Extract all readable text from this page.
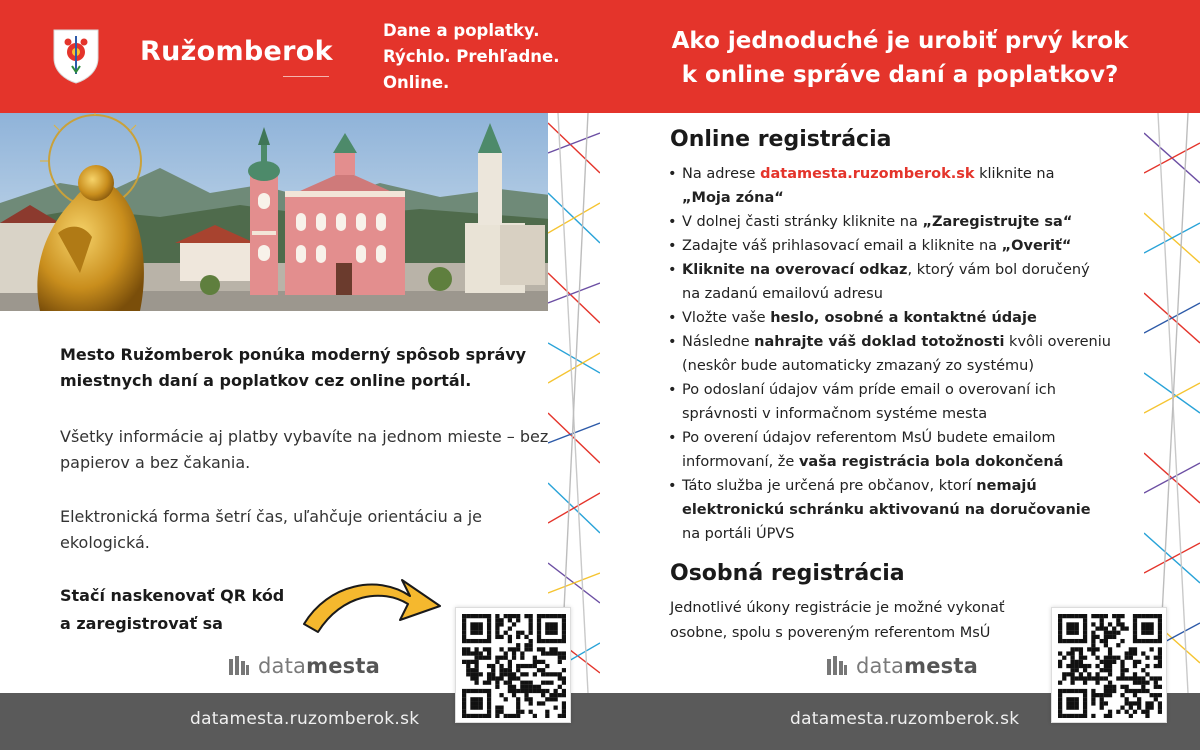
Ružomberok
Dane a poplatky.
Rýchlo. Prehľadne.
Online.
Ako jednoduché je urobiť prvý krok
k online správe daní a poplatkov?
Mesto Ružomberok ponúka moderný spôsob správy miestnych daní a poplatkov cez online portál.
Všetky informácie aj platby vybavíte na jednom mieste – bez papierov a bez čakania.
Elektronická forma šetrí čas, uľahčuje orientáciu a je ekologická.
Stačí naskenovať QR kód
a zaregistrovať sa
datamesta
Online registrácia
• Na adrese datamesta.ruzomberok.sk kliknite na
„Moja zóna“
• V dolnej časti stránky kliknite na „Zaregistrujte sa“
• Zadajte váš prihlasovací email a kliknite na „Overiť“
• Kliknite na overovací odkaz, ktorý vám bol doručený
na zadanú emailovú adresu
• Vložte vaše heslo, osobné a kontaktné údaje
• Následne nahrajte váš doklad totožnosti kvôli overeniu
(neskôr bude automaticky zmazaný zo systému)
• Po odoslaní údajov vám príde email o overovaní ich
správnosti v informačnom systéme mesta
• Po overení údajov referentom MsÚ budete emailom
informovaní, že vaša registrácia bola dokončená
• Táto služba je určená pre občanov, ktorí nemajú
elektronickú schránku aktivovanú na doručovanie
na portáli ÚPVS
Osobná registrácia
Jednotlivé úkony registrácie je možné vykonať
osobne, spolu s povereným referentom MsÚ
datamesta
datamesta.ruzomberok.sk	datamesta.ruzomberok.sk
